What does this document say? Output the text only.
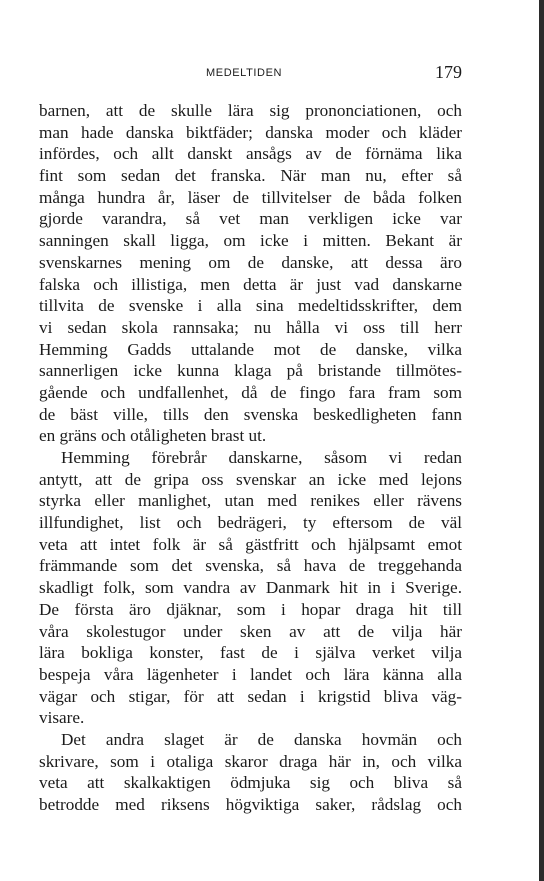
MEDELTIDEN	179
barnen, att de skulle lära sig prononciationen, och
man hade danska biktfäder; danska moder och kläder
infördes, och allt danskt ansågs av de förnäma lika
fint som sedan det franska. När man nu, efter så
många hundra år, läser de tillvitelser de båda folken
gjorde varandra, så vet man verkligen icke var
sanningen skall ligga, om icke i mitten. Bekant är
svenskarnes mening om de danske, att dessa äro
falska och illistiga, men detta är just vad danskarne
tillvita de svenske i alla sina medeltidsskrifter, dem
vi sedan skola rannsaka; nu hålla vi oss till herr
Hemming Gadds uttalande mot de danske, vilka
sannerligen icke kunna klaga på bristande tillmötes-
gående och undfallenhet, då de fingo fara fram som
de bäst ville, tills den svenska beskedligheten fann
en gräns och otåligheten brast ut.
Hemming förebrår danskarne, såsom vi redan
antytt, att de gripa oss svenskar an icke med lejons
styrka eller manlighet, utan med renikes eller rävens
illfundighet, list och bedrägeri, ty eftersom de väl
veta att intet folk är så gästfritt och hjälpsamt emot
främmande som det svenska, så hava de treggehanda
skadligt folk, som vandra av Danmark hit in i Sverige.
De första äro djäknar, som i hopar draga hit till
våra skolestugor under sken av att de vilja här
lära bokliga konster, fast de i själva verket vilja
bespeja våra lägenheter i landet och lära känna alla
vägar och stigar, för att sedan i krigstid bliva väg-
visare.
Det andra slaget är de danska hovmän och
skrivare, som i otaliga skaror draga här in, och vilka
veta att skalkaktigen ödmjuka sig och bliva så
betrodde med riksens högviktiga saker, rådslag och
